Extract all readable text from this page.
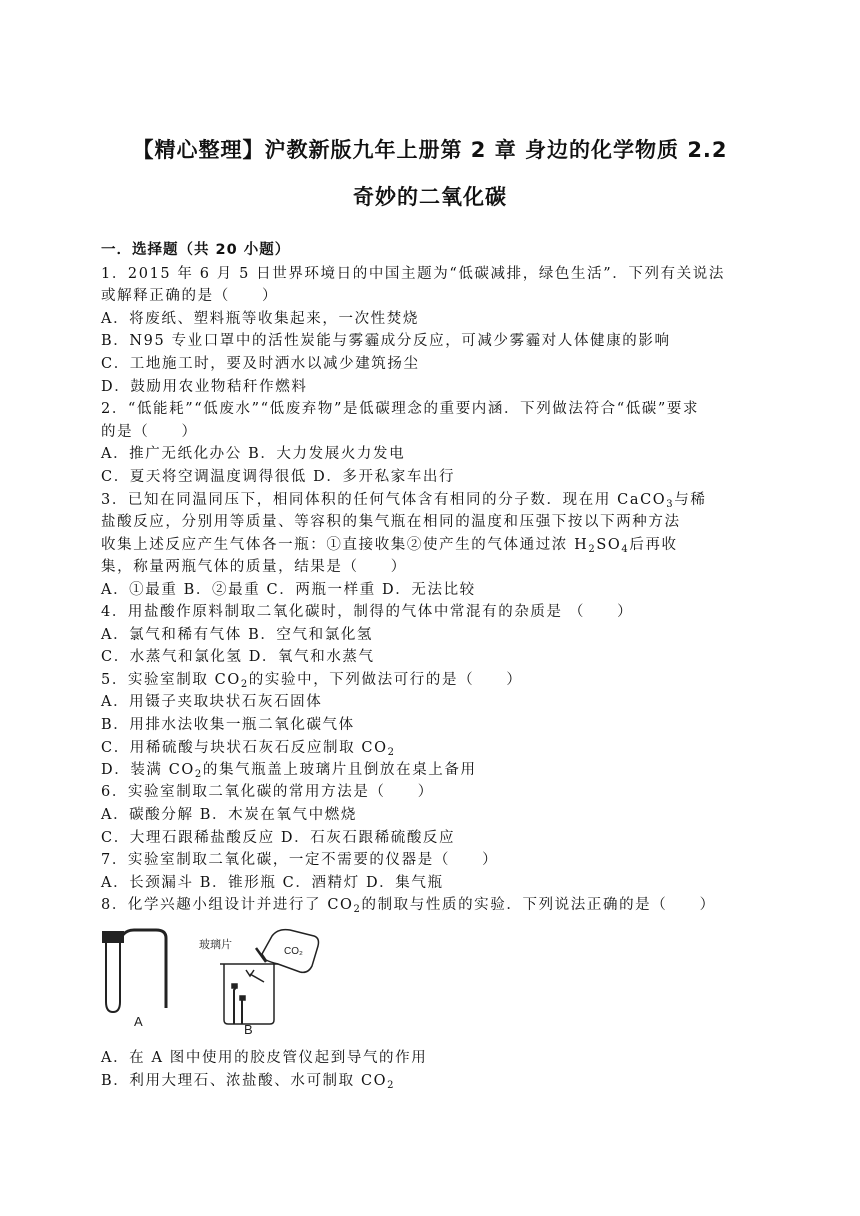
【精心整理】沪教新版九年上册第 2 章 身边的化学物质 2.2
奇妙的二氧化碳
一．选择题（共 20 小题）
1．2015 年 6 月 5 日世界环境日的中国主题为“低碳减排，绿色生活”．下列有关说法
或解释正确的是（　　）
A．将废纸、塑料瓶等收集起来，一次性焚烧
B．N95 专业口罩中的活性炭能与雾霾成分反应，可减少雾霾对人体健康的影响
C．工地施工时，要及时洒水以减少建筑扬尘
D．鼓励用农业物秸秆作燃料
2．“低能耗”“低废水”“低废弃物”是低碳理念的重要内涵．下列做法符合“低碳”要求
的是（　　）
A．推广无纸化办公 B．大力发展火力发电
C．夏天将空调温度调得很低 D．多开私家车出行
3．已知在同温同压下，相同体积的任何气体含有相同的分子数．现在用 CaCO$_3$与稀
盐酸反应，分别用等质量、等容积的集气瓶在相同的温度和压强下按以下两种方法
收集上述反应产生气体各一瓶：①直接收集②使产生的气体通过浓 $H_2SO_4$后再收
集，称量两瓶气体的质量，结果是（　　）
A．①最重 B．②最重 C．两瓶一样重 D．无法比较
4．用盐酸作原料制取二氧化碳时，制得的气体中常混有的杂质是 （　　）
A．氯气和稀有气体 B．空气和氯化氢
C．水蒸气和氯化氢 D．氧气和水蒸气
5．实验室制取 $CO_2$的实验中，下列做法可行的是（　　）
A．用镊子夹取块状石灰石固体
B．用排水法收集一瓶二氧化碳气体
C．用稀硫酸与块状石灰石反应制取 $CO_2$
D．装满 $CO_2$的集气瓶盖上玻璃片且倒放在桌上备用
6．实验室制取二氧化碳的常用方法是（　　）
A．碳酸分解 B．木炭在氧气中燃烧
C．大理石跟稀盐酸反应 D．石灰石跟稀硫酸反应
7．实验室制取二氧化碳，一定不需要的仪器是（　　）
A．长颈漏斗 B．锥形瓶 C．酒精灯 D．集气瓶
8．化学兴趣小组设计并进行了 $CO_2$的制取与性质的实验．下列说法正确的是（　　）
A
玻璃片
CO₂
B
A．在 A 图中使用的胶皮管仪起到导气的作用
B．利用大理石、浓盐酸、水可制取 $CO_2$
